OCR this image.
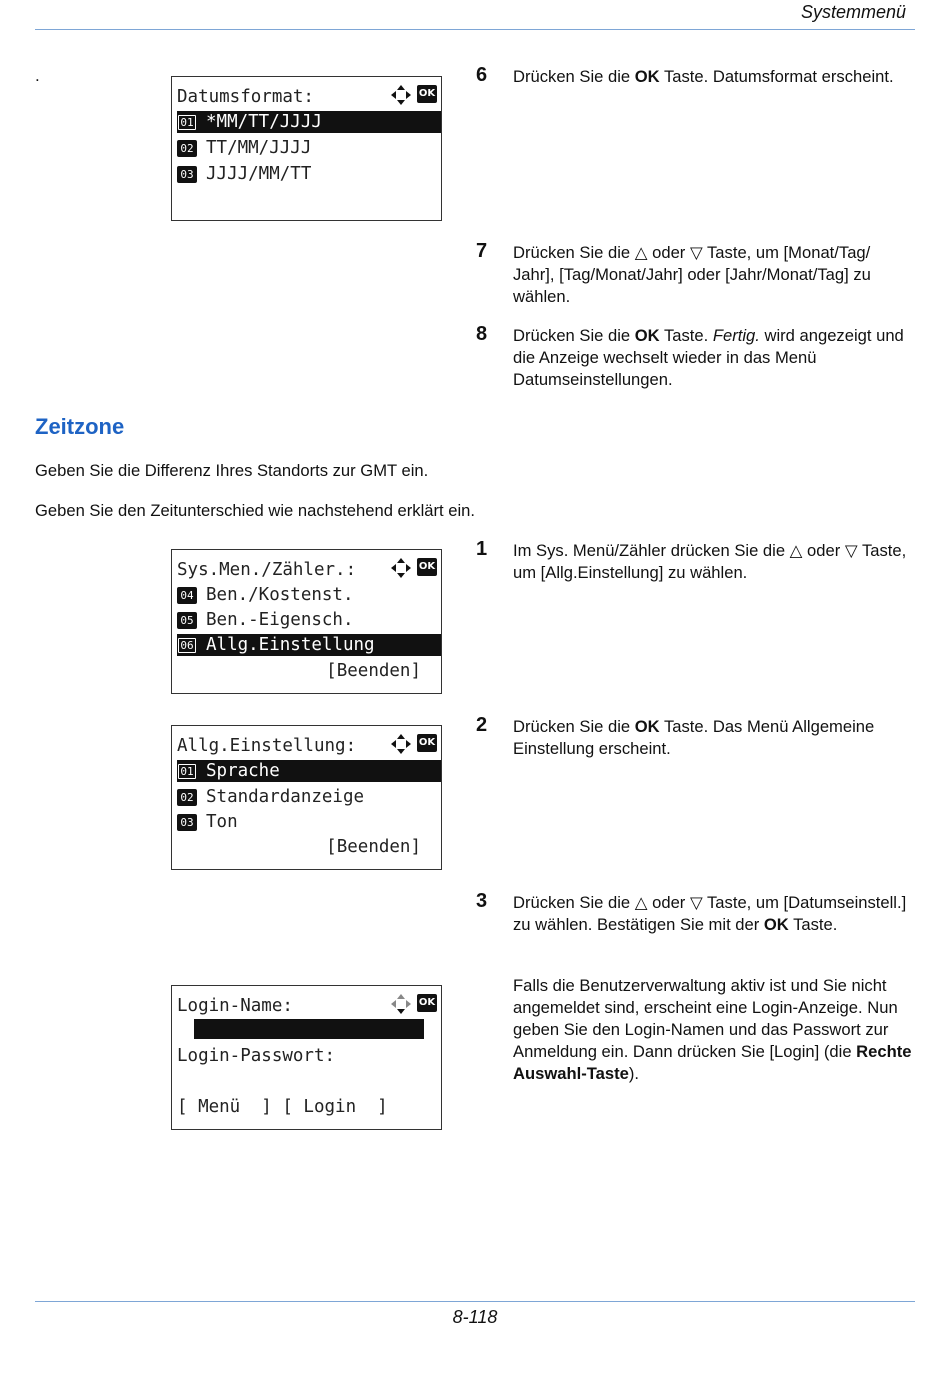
Systemmenü
.
Datumsformat:	OK
01 *MM/TT/JJJJ
02 TT/MM/JJJJ
03 JJJJ/MM/TT
6 Drücken Sie die OK Taste. Datumsformat erscheint.
7 Drücken Sie die △ oder ▽ Taste, um [Monat/Tag/ Jahr], [Tag/Monat/Jahr] oder [Jahr/Monat/Tag] zu wählen.
8 Drücken Sie die OK Taste. Fertig. wird angezeigt und die Anzeige wechselt wieder in das Menü Datumseinstellungen.
Zeitzone
Geben Sie die Differenz Ihres Standorts zur GMT ein.
Geben Sie den Zeitunterschied wie nachstehend erklärt ein.
Sys.Men./Zähler.:	OK
04 Ben./Kostenst.
05 Ben.-Eigensch.
06 Allg.Einstellung
[Beenden]
1 Im Sys. Menü/Zähler drücken Sie die △ oder ▽ Taste, um [Allg.Einstellung] zu wählen.
Allg.Einstellung:	OK
01 Sprache
02 Standardanzeige
03 Ton
[Beenden]
2 Drücken Sie die OK Taste. Das Menü Allgemeine Einstellung erscheint.
3 Drücken Sie die △ oder ▽ Taste, um [Datumseinstell.] zu wählen. Bestätigen Sie mit der OK Taste.
Login-Name:	OK
Login-Passwort:
[ Menü  ] [ Login  ]
Falls die Benutzerverwaltung aktiv ist und Sie nicht angemeldet sind, erscheint eine Login-Anzeige. Nun geben Sie den Login-Namen und das Passwort zur Anmeldung ein. Dann drücken Sie [Login] (die Rechte Auswahl-Taste).
8-118
